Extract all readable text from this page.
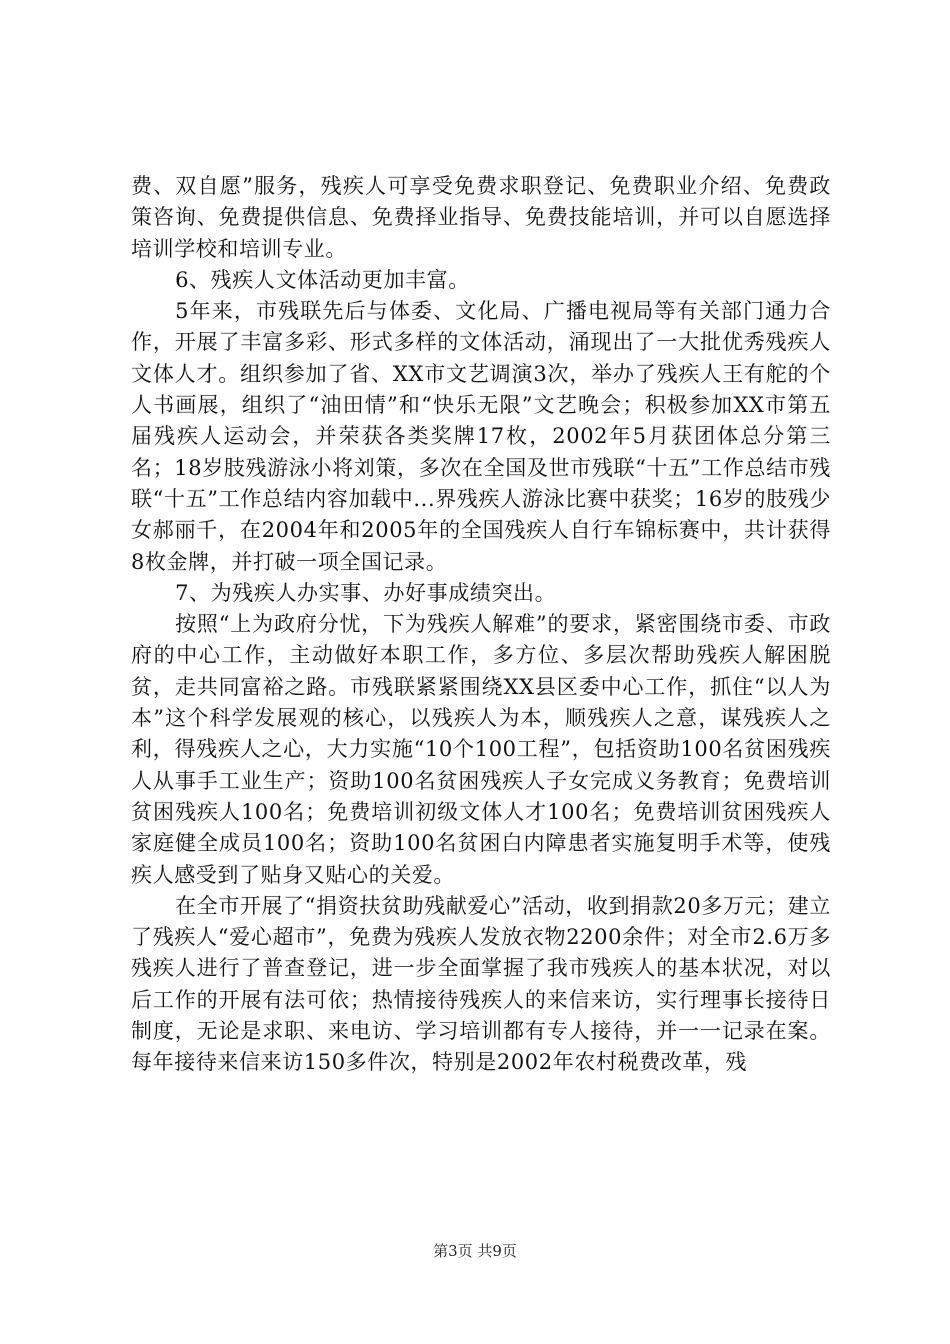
费、双自愿”服务，残疾人可享受免费求职登记、免费职业介绍、免费政策咨询、免费提供信息、免费择业指导、免费技能培训，并可以自愿选择培训学校和培训专业。

6、残疾人文体活动更加丰富。

5年来，市残联先后与体委、文化局、广播电视局等有关部门通力合作，开展了丰富多彩、形式多样的文体活动，涌现出了一大批优秀残疾人文体人才。组织参加了省、XX市文艺调演3次，举办了残疾人王有舵的个人书画展，组织了“油田情”和“快乐无限”文艺晚会；积极参加XX市第五届残疾人运动会，并荣获各类奖牌17枚，2002年5月获团体总分第三名；18岁肢残游泳小将刘策，多次在全国及世市残联“十五”工作总结市残联“十五”工作总结内容加载中...界残疾人游泳比赛中获奖；16岁的肢残少女郝丽千，在2004年和2005年的全国残疾人自行车锦标赛中，共计获得8枚金牌，并打破一项全国记录。

7、为残疾人办实事、办好事成绩突出。

按照“上为政府分忧，下为残疾人解难”的要求，紧密围绕市委、市政府的中心工作，主动做好本职工作，多方位、多层次帮助残疾人解困脱贫，走共同富裕之路。市残联紧紧围绕XX县区委中心工作，抓住“以人为本”这个科学发展观的核心，以残疾人为本，顺残疾人之意，谋残疾人之利，得残疾人之心，大力实施“10个100工程”，包括资助100名贫困残疾人从事手工业生产；资助100名贫困残疾人子女完成义务教育；免费培训贫困残疾人100名；免费培训初级文体人才100名；免费培训贫困残疾人家庭健全成员100名；资助100名贫困白内障患者实施复明手术等，使残疾人感受到了贴身又贴心的关爱。

在全市开展了“捐资扶贫助残献爱心”活动，收到捐款20多万元；建立了残疾人“爱心超市”，免费为残疾人发放衣物2200余件；对全市2.6万多残疾人进行了普查登记，进一步全面掌握了我市残疾人的基本状况，对以后工作的开展有法可依；热情接待残疾人的来信来访，实行理事长接待日制度，无论是求职、来电访、学习培训都有专人接待，并一一记录在案。每年接待来信来访150多件次，特别是2002年农村税费改革，残

第3页 共9页
